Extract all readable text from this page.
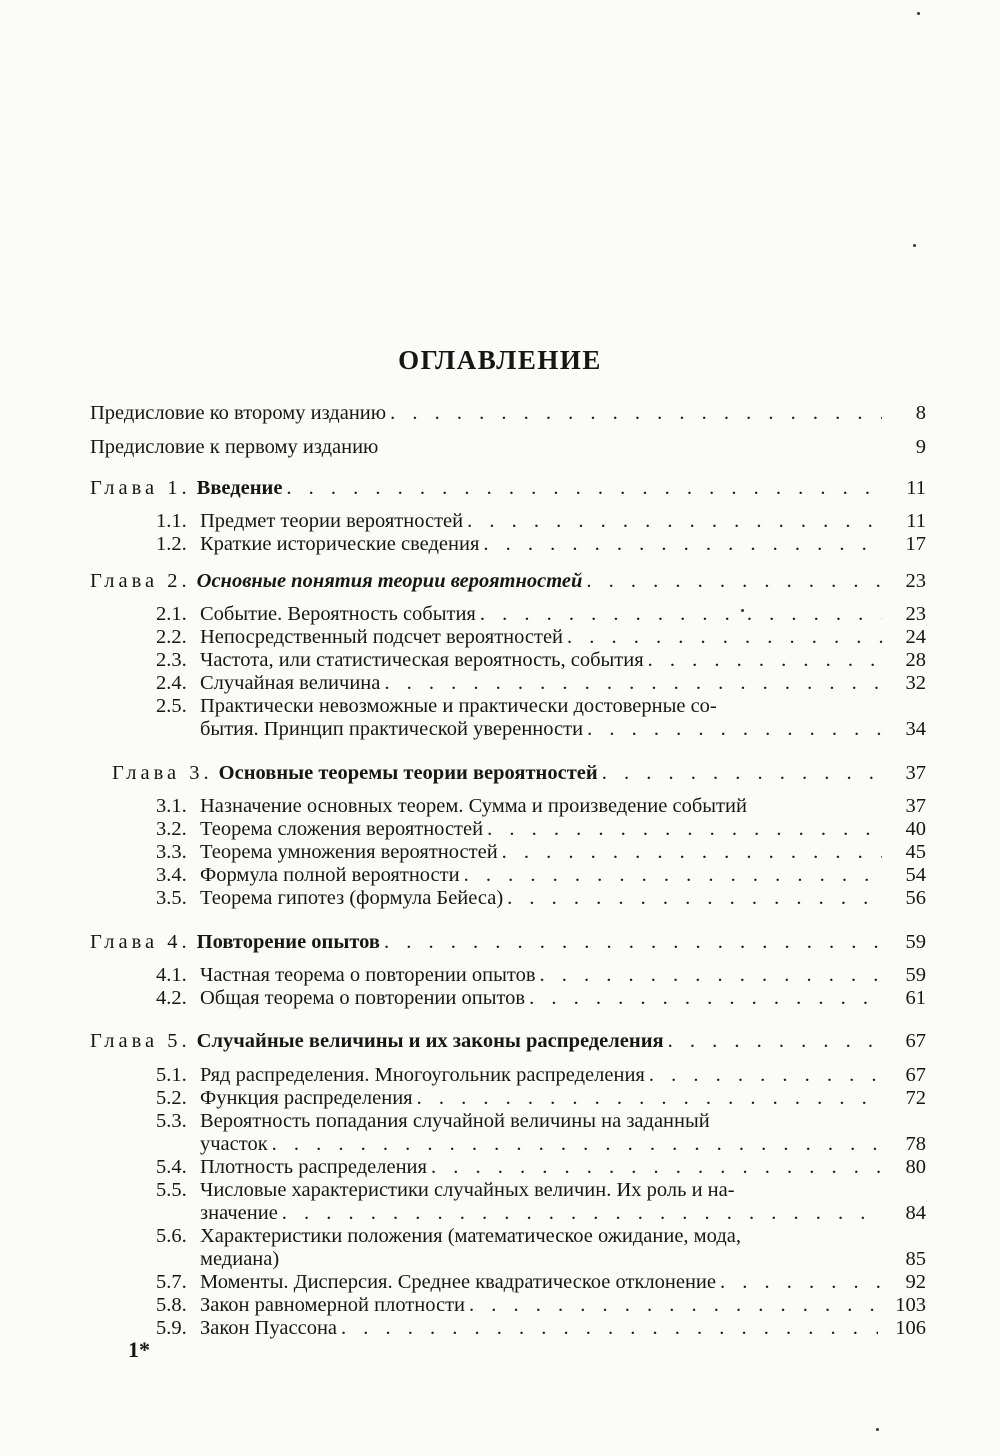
ОГЛАВЛЕНИЕ
Предисловие ко второму изданию . . .	8
Предисловие к первому изданию	9
Глава 1. Введение . . .	11
1.1. Предмет теории вероятностей . . .	11
1.2. Краткие исторические сведения . . .	17
Глава 2. Основные понятия теории вероятностей . . .	23
2.1. Событие. Вероятность события . . .	23
2.2. Непосредственный подсчет вероятностей . . .	24
2.3. Частота, или статистическая вероятность, события . . .	28
2.4. Случайная величина . . .	32
2.5. Практически невозможные и практически достоверные со-
бытия. Принцип практической уверенности . . .	34
Глава 3. Основные теоремы теории вероятностей . . .	37
3.1. Назначение основных теорем. Сумма и произведение событий	37
3.2. Теорема сложения вероятностей . . .	40
3.3. Теорема умножения вероятностей . . .	45
3.4. Формула полной вероятности . . .	54
3.5. Теорема гипотез (формула Бейеса) . . .	56
Глава 4. Повторение опытов . . .	59
4.1. Частная теорема о повторении опытов . . .	59
4.2. Общая теорема о повторении опытов . . .	61
Глава 5. Случайные величины и их законы распределения . . .	67
5.1. Ряд распределения. Многоугольник распределения . . .	67
5.2. Функция распределения . . .	72
5.3. Вероятность попадания случайной величины на заданный
участок . . .	78
5.4. Плотность распределения . . .	80
5.5. Числовые характеристики случайных величин. Их роль и на-
значение . . .	84
5.6. Характеристики положения (математическое ожидание, мода,
медиана)	85
5.7. Моменты. Дисперсия. Среднее квадратическое отклонение . . .	92
5.8. Закон равномерной плотности . . .	103
5.9. Закон Пуассона . . .	106
1*
